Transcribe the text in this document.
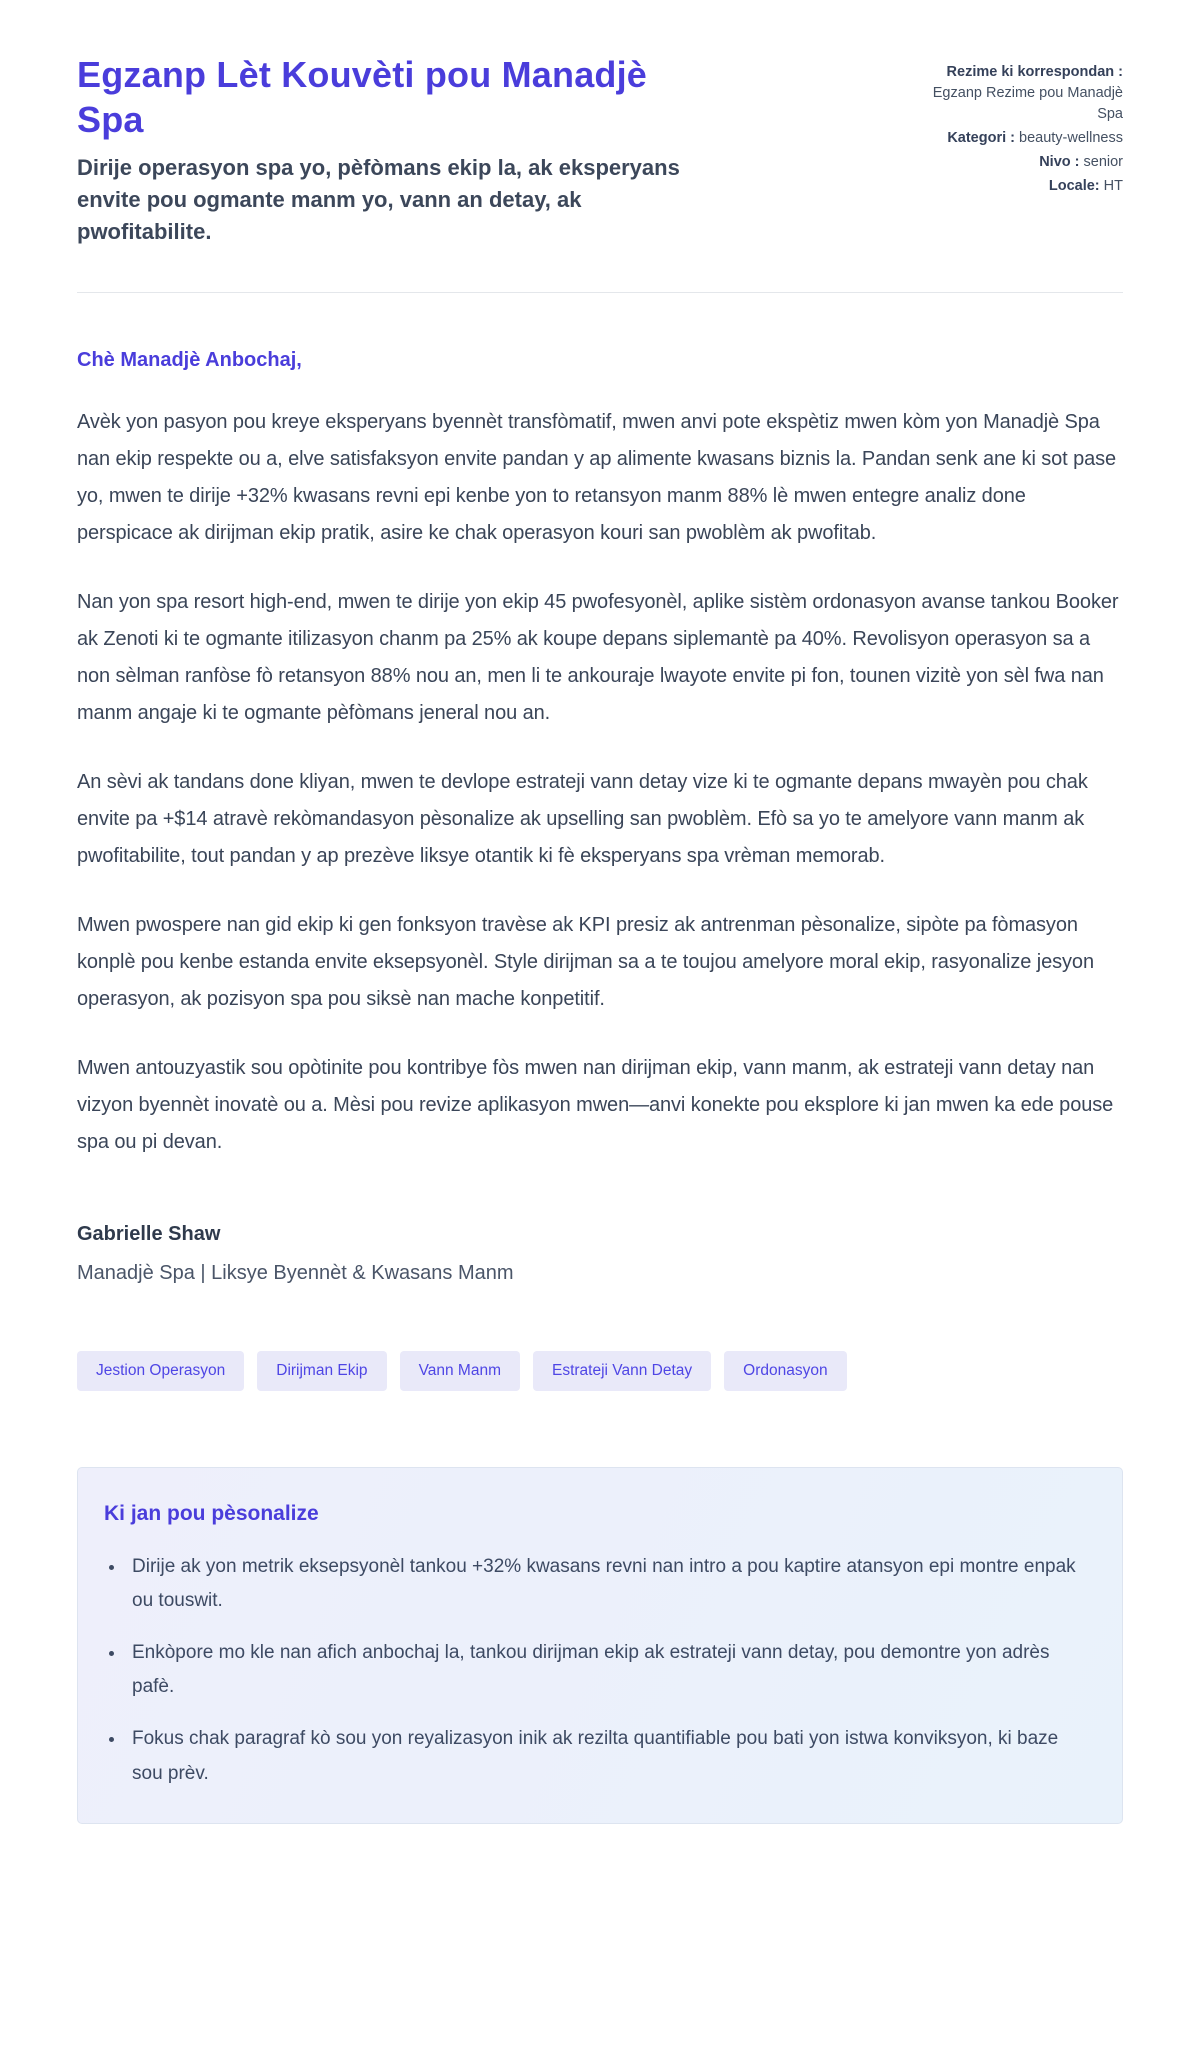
Egzanp Lèt Kouvèti pou Manadjè Spa

Dirije operasyon spa yo, pèfòmans ekip la, ak eksperyans envite pou ogmante manm yo, vann an detay, ak pwofitabilite.

Rezime ki korrespondan : Egzanp Rezime pou Manadjè Spa
Kategori : beauty-wellness
Nivo : senior
Locale: HT

Chè Manadjè Anbochaj,

Avèk yon pasyon pou kreye eksperyans byennèt transfòmatif, mwen anvi pote ekspètiz mwen kòm yon Manadjè Spa nan ekip respekte ou a, elve satisfaksyon envite pandan y ap alimente kwasans biznis la. Pandan senk ane ki sot pase yo, mwen te dirije +32% kwasans revni epi kenbe yon to retansyon manm 88% lè mwen entegre analiz done perspicace ak dirijman ekip pratik, asire ke chak operasyon kouri san pwoblèm ak pwofitab.

Nan yon spa resort high-end, mwen te dirije yon ekip 45 pwofesyonèl, aplike sistèm ordonasyon avanse tankou Booker ak Zenoti ki te ogmante itilizasyon chanm pa 25% ak koupe depans siplemantè pa 40%. Revolisyon operasyon sa a non sèlman ranfòse fò retansyon 88% nou an, men li te ankouraje lwayote envite pi fon, tounen vizitè yon sèl fwa nan manm angaje ki te ogmante pèfòmans jeneral nou an.

An sèvi ak tandans done kliyan, mwen te devlope estrateji vann detay vize ki te ogmante depans mwayèn pou chak envite pa +$14 atravè rekòmandasyon pèsonalize ak upselling san pwoblèm. Efò sa yo te amelyore vann manm ak pwofitabilite, tout pandan y ap prezève liksye otantik ki fè eksperyans spa vrèman memorab.

Mwen pwospere nan gid ekip ki gen fonksyon travèse ak KPI presiz ak antrenman pèsonalize, sipòte pa fòmasyon konplè pou kenbe estanda envite eksepsyonèl. Style dirijman sa a te toujou amelyore moral ekip, rasyonalize jesyon operasyon, ak pozisyon spa pou siksè nan mache konpetitif.

Mwen antouzyastik sou opòtinite pou kontribye fòs mwen nan dirijman ekip, vann manm, ak estrateji vann detay nan vizyon byennèt inovatè ou a. Mèsi pou revize aplikasyon mwen—anvi konekte pou eksplore ki jan mwen ka ede pouse spa ou pi devan.

Gabrielle Shaw

Manadjè Spa | Liksye Byennèt & Kwasans Manm

Jestion Operasyon	Dirijman Ekip	Vann Manm	Estrateji Vann Detay	Ordonasyon
Ki jan pou pèsonalize
• Dirije ak yon metrik eksepsyonèl tankou +32% kwasans revni nan intro a pou kaptire atansyon epi montre enpak ou touswit.
• Enkòpore mo kle nan afich anbochaj la, tankou dirijman ekip ak estrateji vann detay, pou demontre yon adrès pafè.
• Fokus chak paragraf kò sou yon reyalizasyon inik ak rezilta quantifiable pou bati yon istwa konviksyon, ki baze sou prèv.
